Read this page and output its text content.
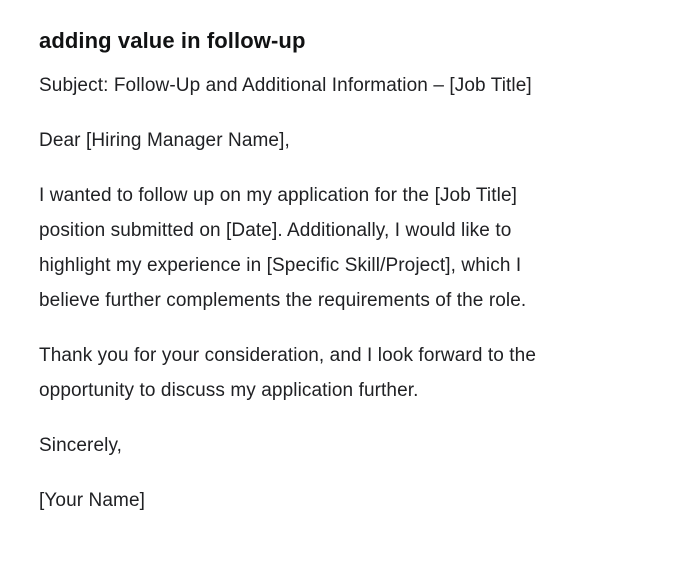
adding value in follow-up

Subject: Follow-Up and Additional Information – [Job Title]

Dear [Hiring Manager Name],

I wanted to follow up on my application for the [Job Title]
position submitted on [Date]. Additionally, I would like to
highlight my experience in [Specific Skill/Project], which I
believe further complements the requirements of the role.

Thank you for your consideration, and I look forward to the
opportunity to discuss my application further.

Sincerely,

[Your Name]
